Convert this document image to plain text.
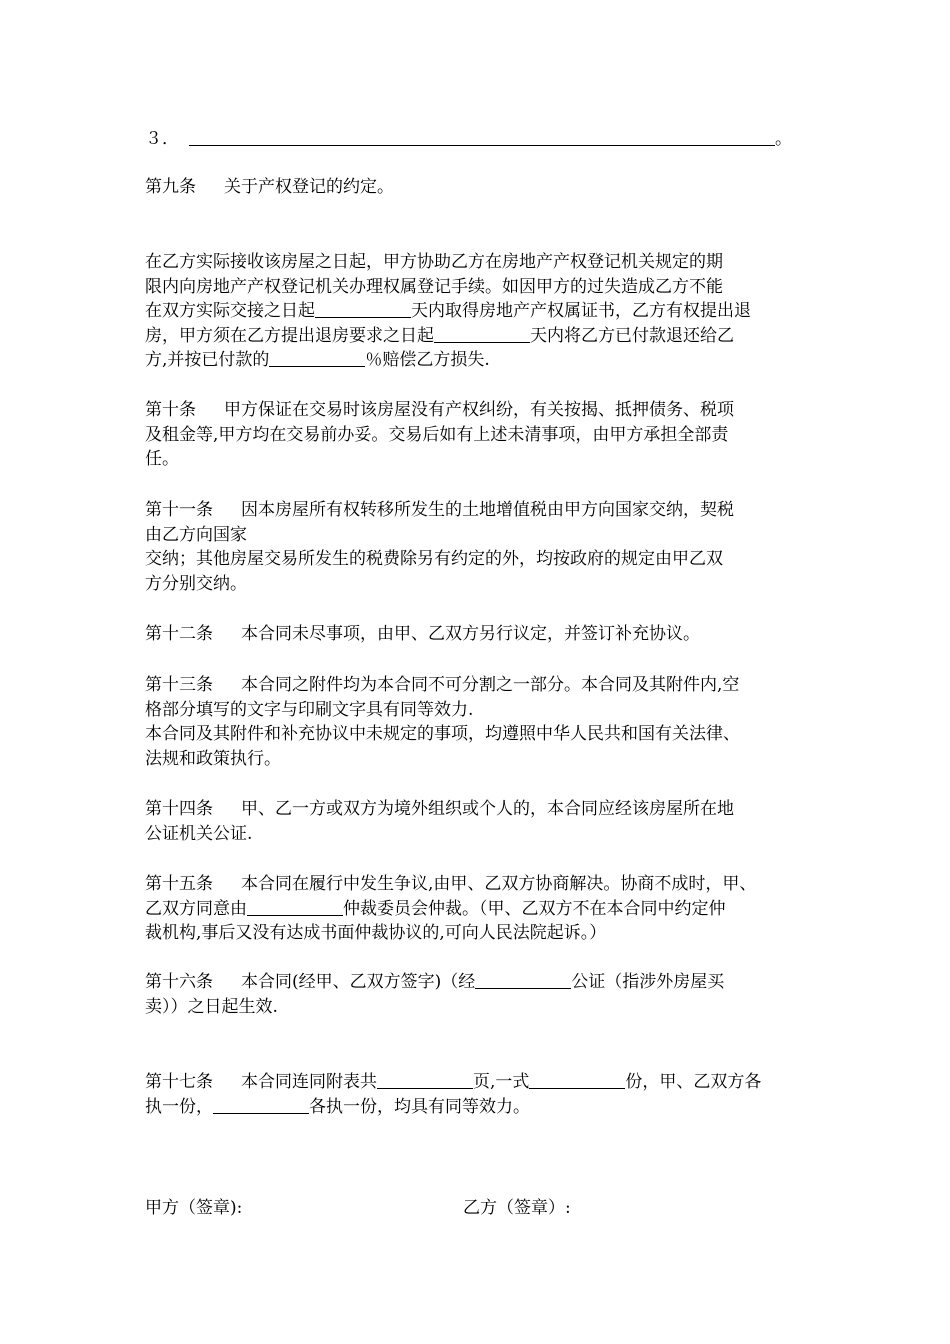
３．	。
第九条 关于产权登记的约定。
在乙方实际接收该房屋之日起，甲方协助乙方在房地产产权登记机关规定的期
限内向房地产产权登记机关办理权属登记手续。如因甲方的过失造成乙方不能
在双方实际交接之日起	天内取得房地产产权属证书，乙方有权提出退
房，甲方须在乙方提出退房要求之日起	天内将乙方已付款退还给乙
方,并按已付款的	％赔偿乙方损失.
第十条 甲方保证在交易时该房屋没有产权纠纷，有关按揭、抵押债务、税项
及租金等,甲方均在交易前办妥。交易后如有上述未清事项，由甲方承担全部责
任。
第十一条 因本房屋所有权转移所发生的土地增值税由甲方向国家交纳，契税
由乙方向国家
交纳；其他房屋交易所发生的税费除另有约定的外，均按政府的规定由甲乙双
方分别交纳。
第十二条 本合同未尽事项，由甲、乙双方另行议定，并签订补充协议。
第十三条 本合同之附件均为本合同不可分割之一部分。本合同及其附件内,空
格部分填写的文字与印刷文字具有同等效力.
本合同及其附件和补充协议中未规定的事项，均遵照中华人民共和国有关法律、
法规和政策执行。
第十四条 甲、乙一方或双方为境外组织或个人的，本合同应经该房屋所在地
公证机关公证.
第十五条 本合同在履行中发生争议,由甲、乙双方协商解决。协商不成时，甲、
乙双方同意由	仲裁委员会仲裁。（甲、乙双方不在本合同中约定仲
裁机构,事后又没有达成书面仲裁协议的,可向人民法院起诉。）
第十六条 本合同(经甲、乙双方签字)（经	公证（指涉外房屋买
卖））之日起生效.
第十七条 本合同连同附表共	页,一式	份，甲、乙双方各
执一份，	各执一份，均具有同等效力。
甲方（签章):	乙方（签章）:
